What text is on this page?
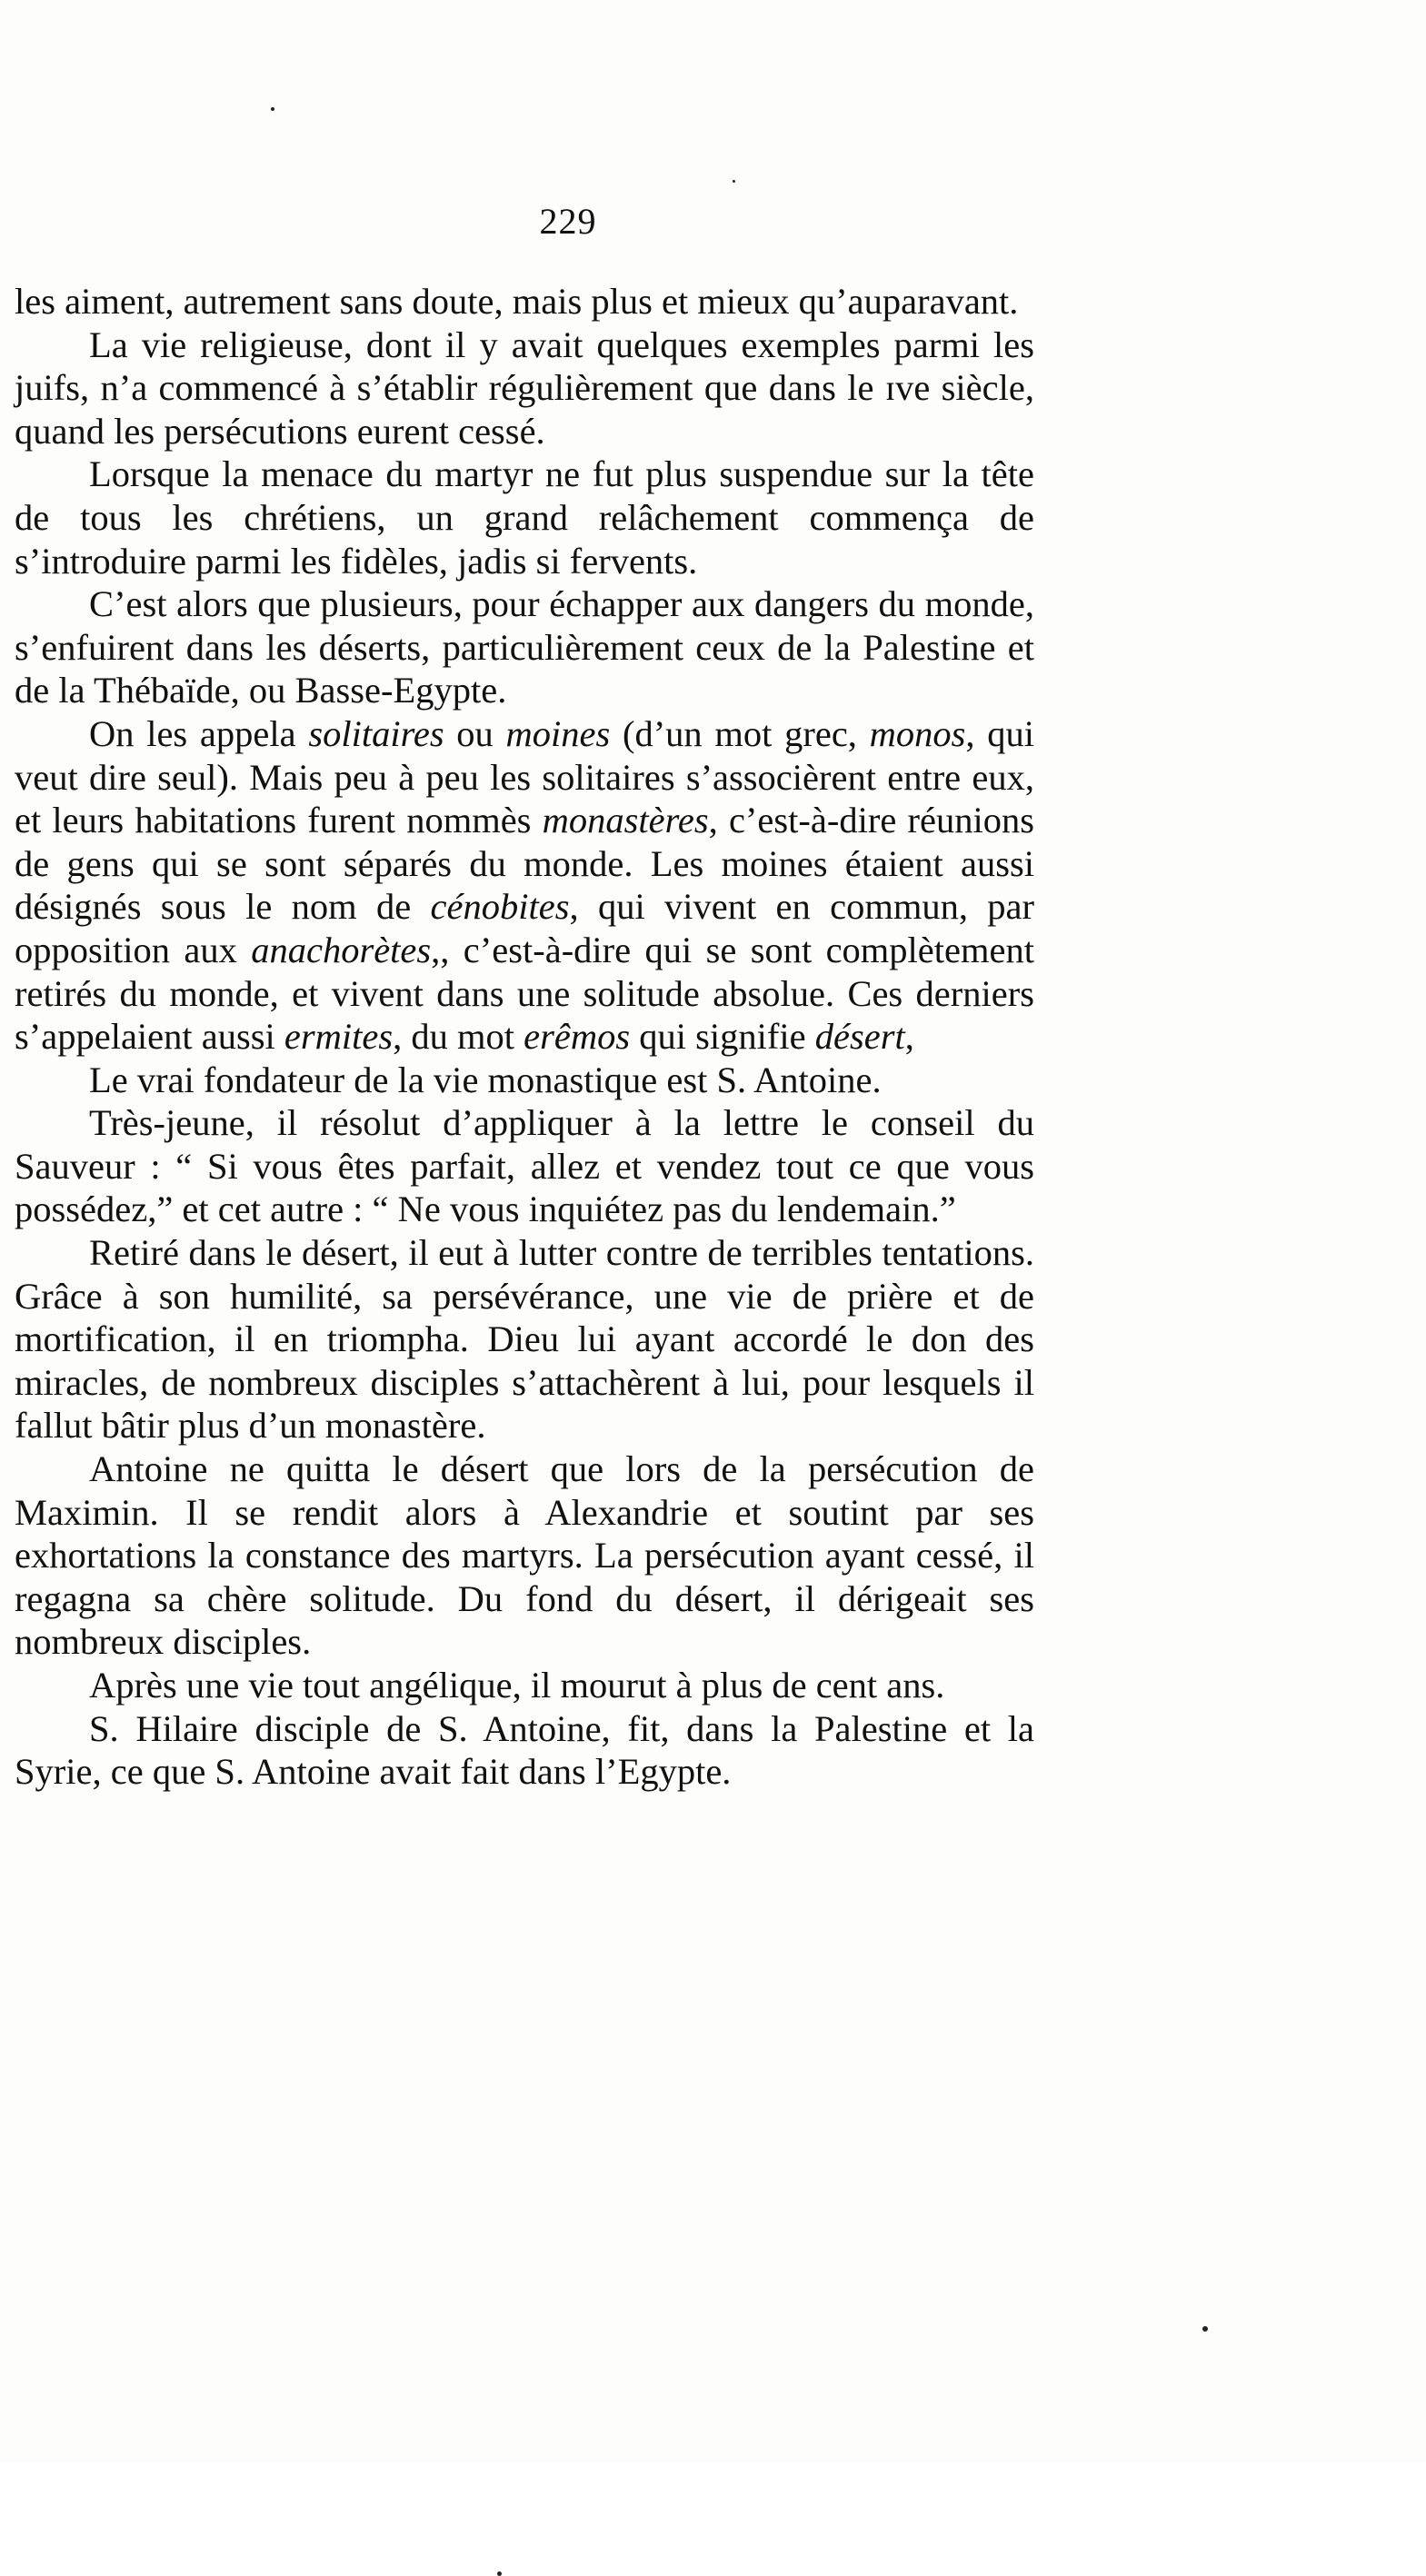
229

les aiment, autrement sans doute, mais plus et mieux qu’auparavant.

La vie religieuse, dont il y avait quelques exemples parmi les juifs, n’a commencé à s’établir régulièrement que dans le ɪᴠe siècle, quand les persécutions eurent cessé.

Lorsque la menace du martyr ne fut plus suspendue sur la tête de tous les chrétiens, un grand relâchement commença de s’introduire parmi les fidèles, jadis si fervents.

C’est alors que plusieurs, pour échapper aux dangers du monde, s’enfuirent dans les déserts, particulièrement ceux de la Palestine et de la Thébaïde, ou Basse-Egypte.

On les appela solitaires ou moines (d’un mot grec, monos, qui veut dire seul). Mais peu à peu les solitaires s’associèrent entre eux, et leurs habitations furent nommès monastères, c’est-à-dire réunions de gens qui se sont séparés du monde. Les moines étaient aussi désignés sous le nom de cénobites, qui vivent en commun, par opposition aux anachorètes,, c’est-à-dire qui se sont complètement retirés du monde, et vivent dans une solitude absolue. Ces derniers s’appelaient aussi ermites, du mot erêmos qui signifie désert,

Le vrai fondateur de la vie monastique est S. Antoine.

Très-jeune, il résolut d’appliquer à la lettre le conseil du Sauveur : “ Si vous êtes parfait, allez et vendez tout ce que vous possédez,” et cet autre : “ Ne vous inquiétez pas du lendemain.”

Retiré dans le désert, il eut à lutter contre de terribles tentations. Grâce à son humilité, sa persévérance, une vie de prière et de mortification, il en triompha. Dieu lui ayant accordé le don des miracles, de nombreux disciples s’attachèrent à lui, pour lesquels il fallut bâtir plus d’un monastère.

Antoine ne quitta le désert que lors de la persécution de Maximin. Il se rendit alors à Alexandrie et soutint par ses exhortations la constance des martyrs. La persécution ayant cessé, il regagna sa chère solitude. Du fond du désert, il dérigeait ses nombreux disciples.

Après une vie tout angélique, il mourut à plus de cent ans.

S. Hilaire disciple de S. Antoine, fit, dans la Palestine et la Syrie, ce que S. Antoine avait fait dans l’Egypte.
